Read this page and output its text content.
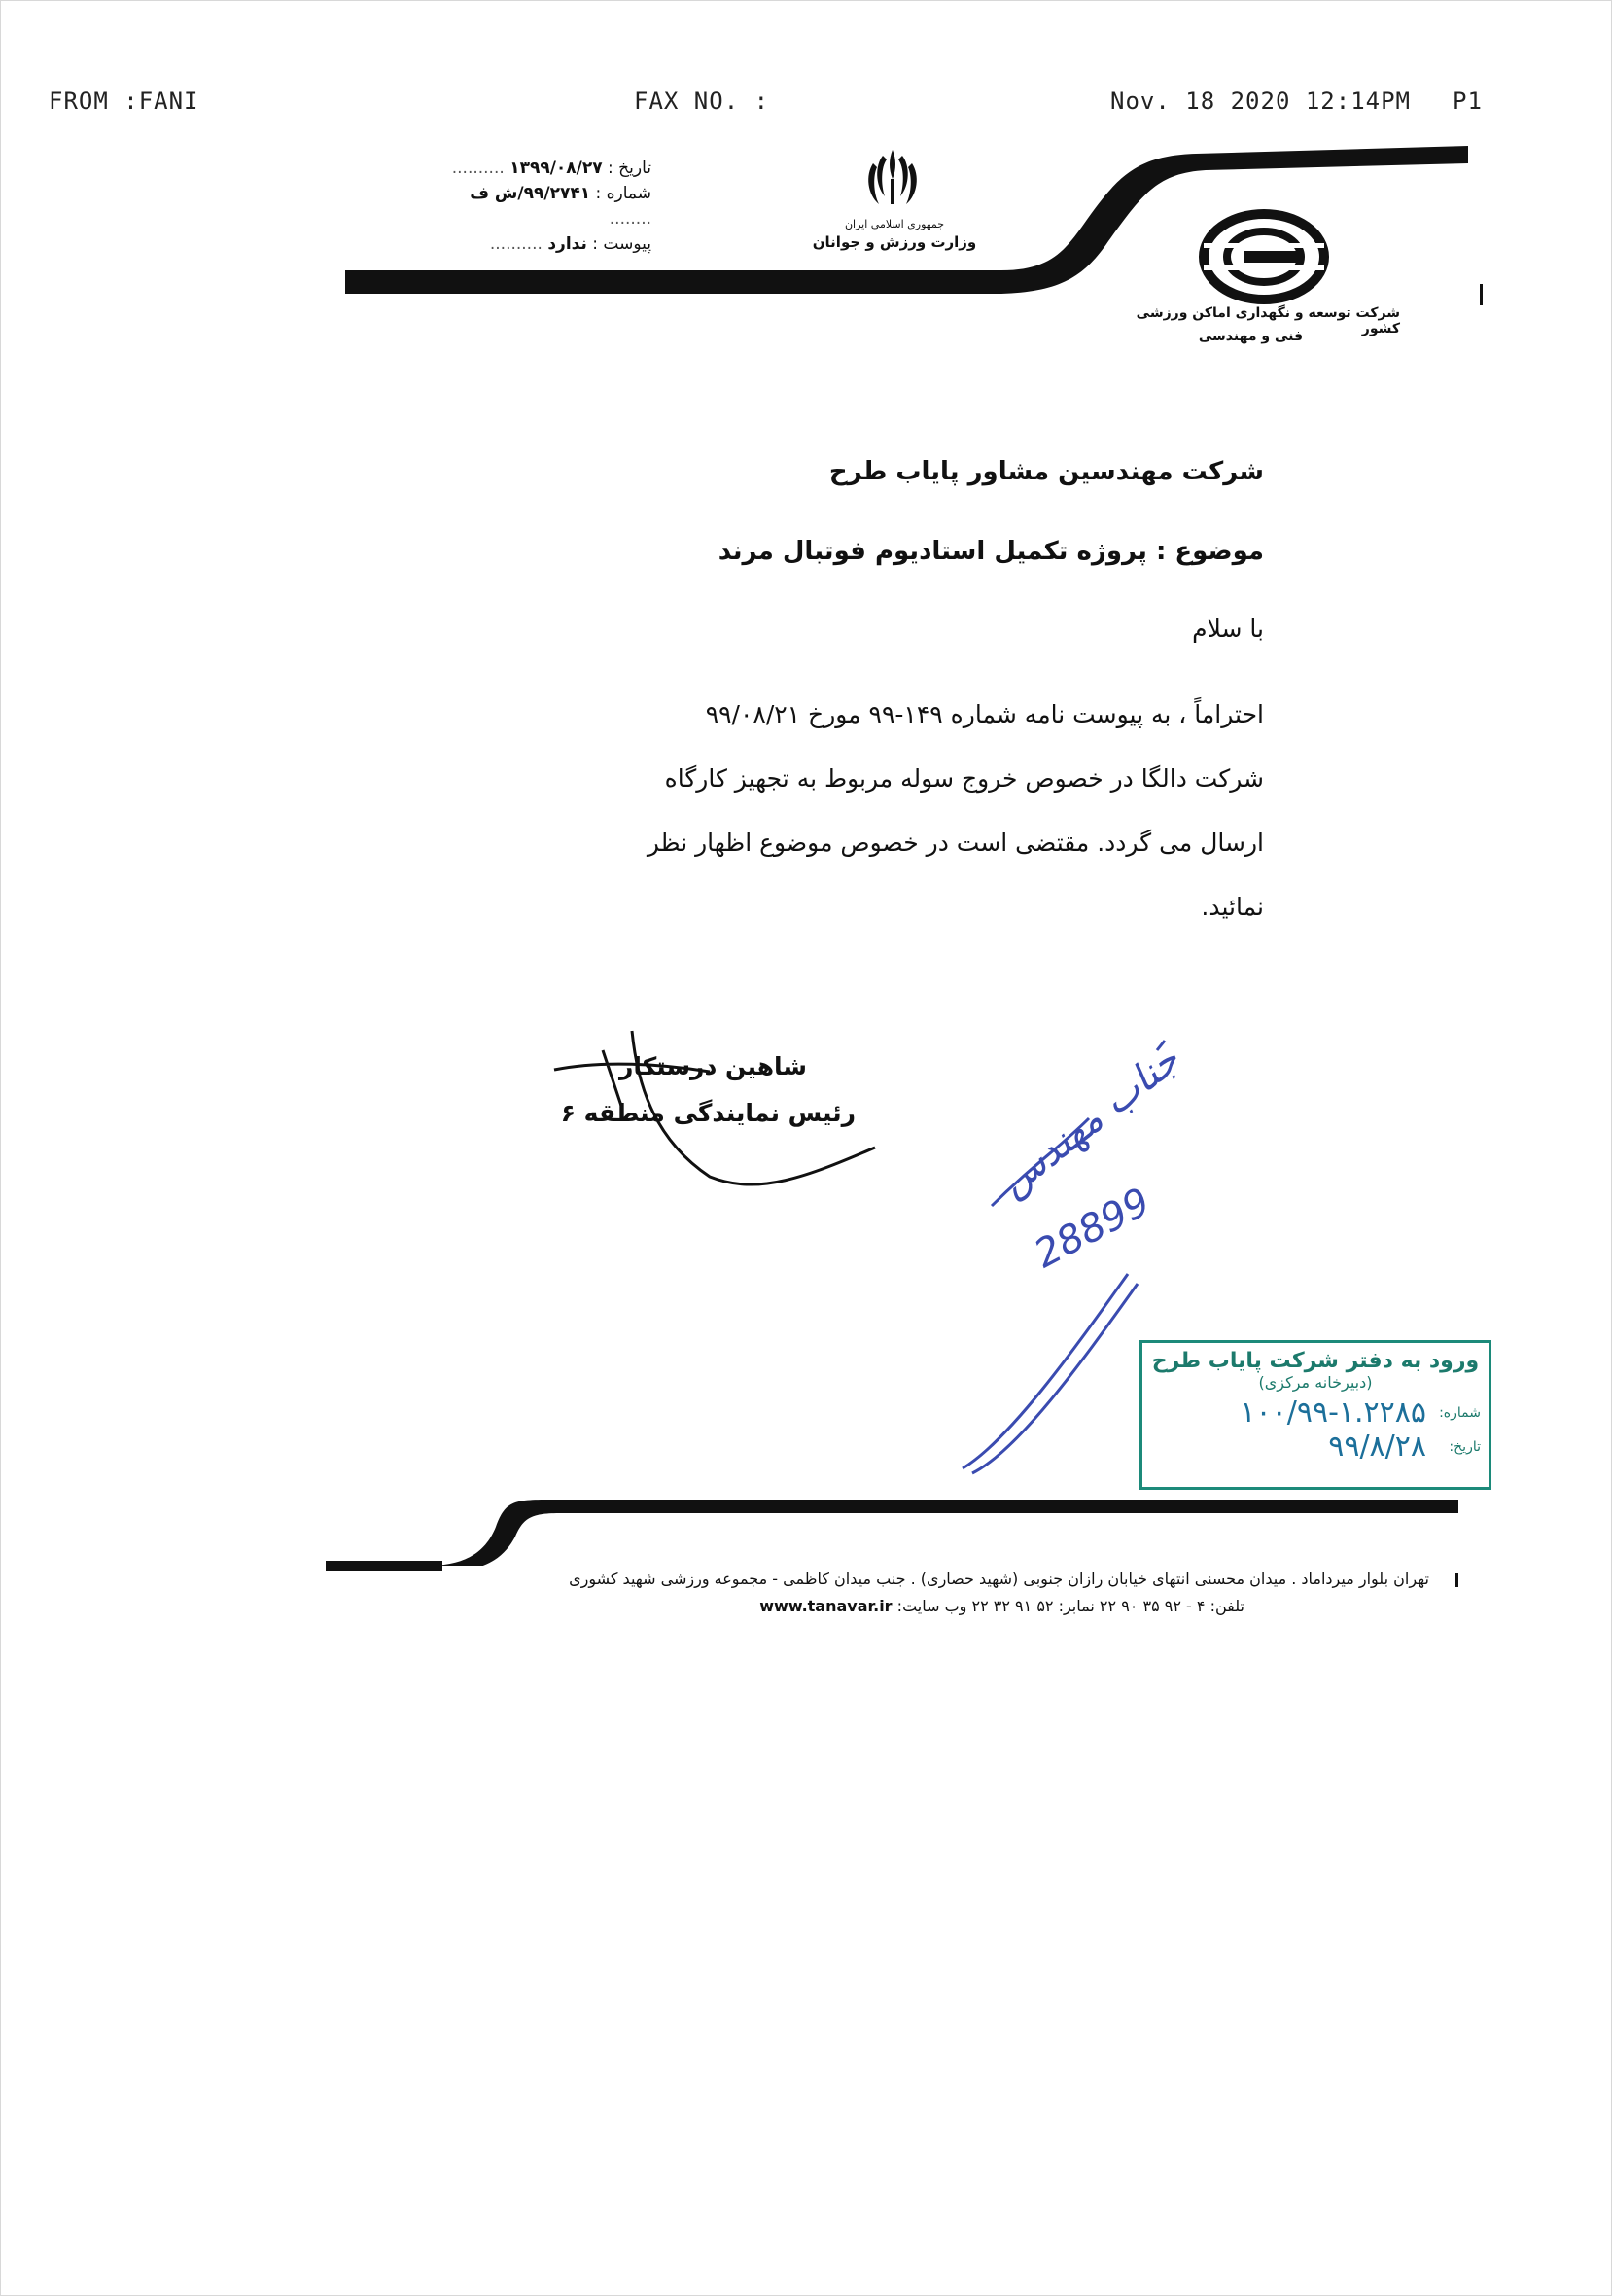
FROM :FANI	FAX NO. :	Nov. 18 2020 12:14PM P1
تاریخ : ۱۳۹۹/۰۸/۲۷ ..........
شماره : ۹۹/۲۷۴۱/ش ف ........
پیوست : ندارد ..........
جمهوری اسلامی ایران
وزارت ورزش و جوانان
شرکت توسعه و نگهداری اماکن ورزشی کشور
فنی و مهندسی
شرکت مهندسین مشاور پایاب طرح
موضوع : پروژه تکمیل استادیوم فوتبال مرند
با سلام
احتراماً ، به پیوست نامه شماره ۱۴۹-۹۹ مورخ ۹۹/۰۸/۲۱
شرکت دالگا در خصوص خروج سوله مربوط به تجهیز کارگاه
ارسال می گردد. مقتضی است در خصوص موضوع اظهار نظر
نمائید.
شاهین درستکار
رئیس نمایندگی منطقه ۶	جناب مهندس
28899
ورود به دفتر شرکت پایاب طرح
(دبیرخانه مرکزی)
شماره:
۱۰۰/۹۹-۱.۲۲۸۵
تاریخ:
۹۹/۸/۲۸
تهران بلوار میرداماد . میدان محسنی انتهای خیابان رازان جنوبی (شهید حصاری) . جنب میدان کاظمی - مجموعه ورزشی شهید کشوری
www.tanavar.ir تلفن: ۴ - ۹۲ ۳۵ ۹۰ ۲۲ نمابر: ۵۲ ۹۱ ۳۲ ۲۲ وب سایت:
